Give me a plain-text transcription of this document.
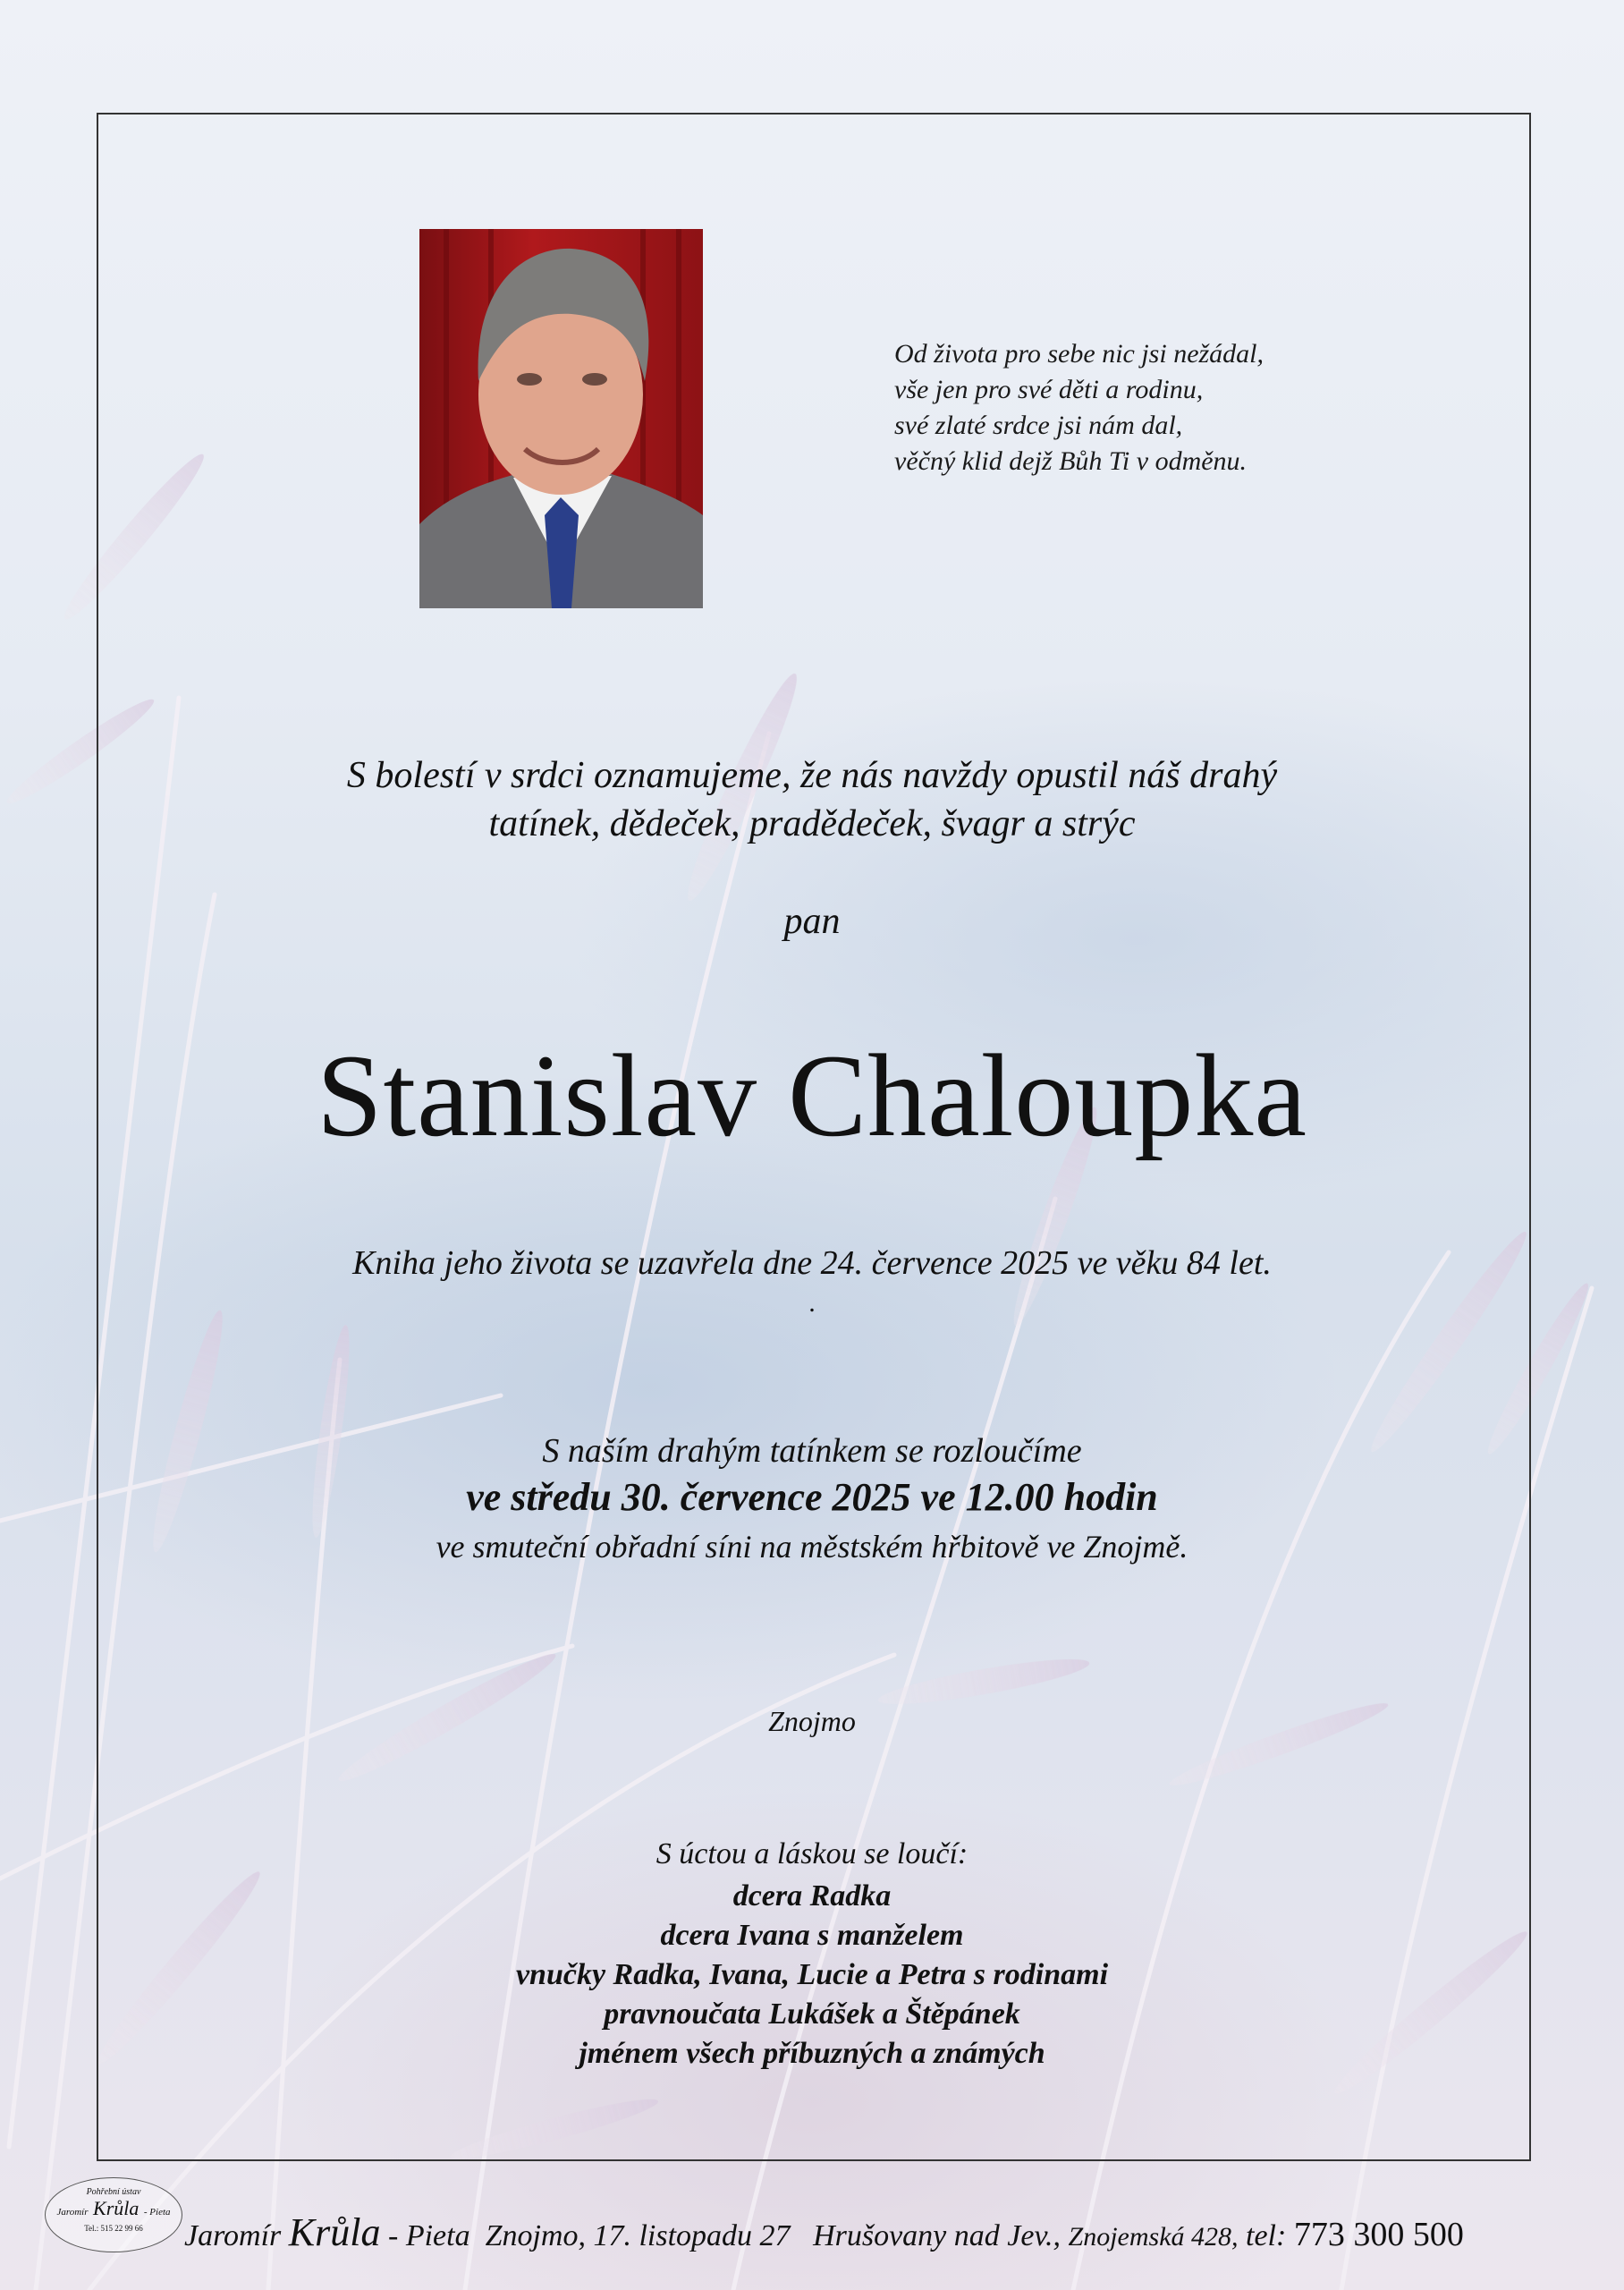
Od života pro sebe nic jsi nežádal,
vše jen pro své děti a rodinu,
své zlaté srdce jsi nám dal,
věčný klid dejž Bůh Ti v odměnu.
S bolestí v srdci oznamujeme, že nás navždy opustil náš drahý
tatínek, dědeček, pradědeček, švagr a strýc
pan
Stanislav Chaloupka
Kniha jeho života se uzavřela dne 24. července 2025 ve věku 84 let.
.
S naším drahým tatínkem se rozloučíme
ve středu 30. července 2025 ve 12.00 hodin
ve smuteční obřadní síni na městském hřbitově ve Znojmě.
Znojmo
S úctou a láskou se loučí:
dcera Radka
dcera Ivana s manželem
vnučky Radka, Ivana, Lucie a Petra s rodinami
pravnoučata Lukášek a Štěpánek
jménem všech příbuzných a známých
Pohřební ústav
Jaromír Krůla - Pieta
Tel.: 515 22 99 66	Jaromír Krůla - Pieta Znojmo, 17. listopadu 27 Hrušovany nad Jev., Znojemská 428, tel: 773 300 500
